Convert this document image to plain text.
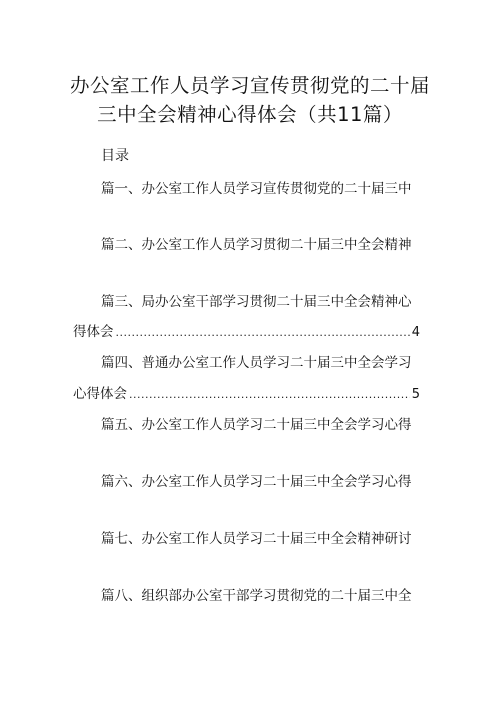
办公室工作人员学习宣传贯彻党的二十届
三中全会精神心得体会（共11篇）
目录
篇一、办公室工作人员学习宣传贯彻党的二十届三中
篇二、办公室工作人员学习贯彻二十届三中全会精神
篇三、局办公室干部学习贯彻二十届三中全会精神心
得体会 .....	4
篇四、普通办公室工作人员学习二十届三中全会学习
心得体会 .....	5
篇五、办公室工作人员学习二十届三中全会学习心得
篇六、办公室工作人员学习二十届三中全会学习心得
篇七、办公室工作人员学习二十届三中全会精神研讨
篇八、组织部办公室干部学习贯彻党的二十届三中全
